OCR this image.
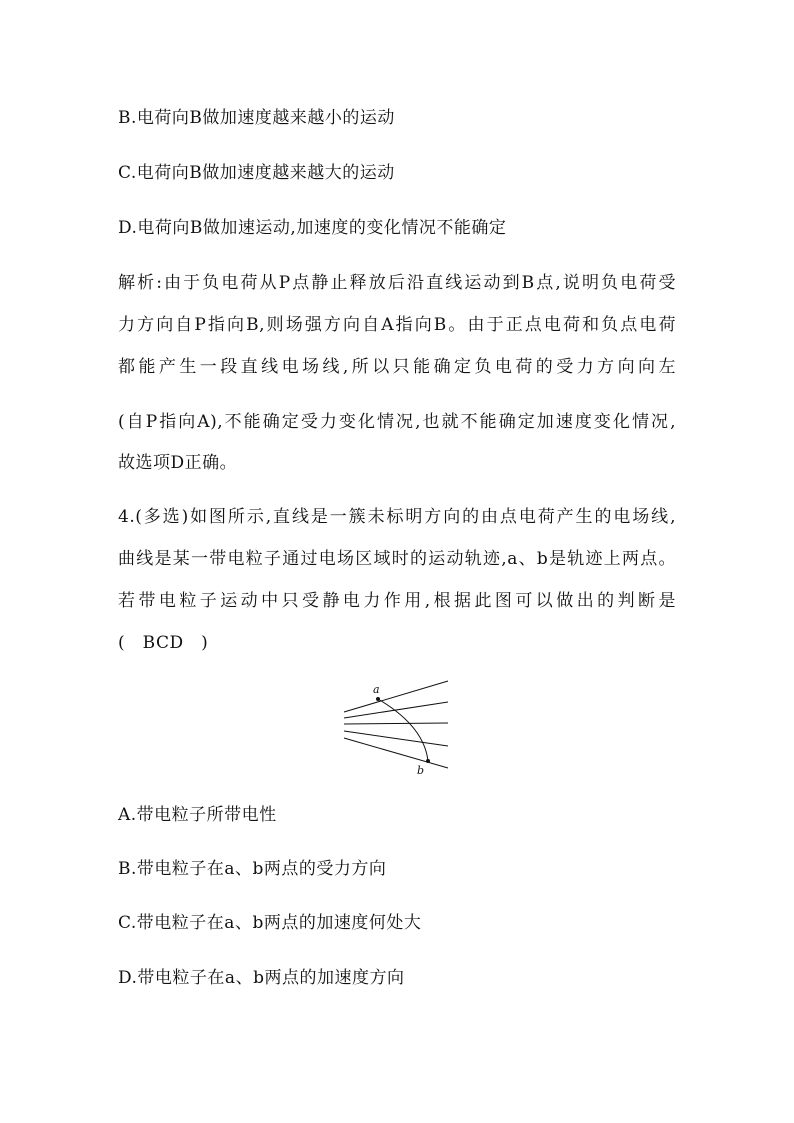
B.电荷向B做加速度越来越小的运动
C.电荷向B做加速度越来越大的运动
D.电荷向B做加速运动,加速度的变化情况不能确定
解析:由于负电荷从P点静止释放后沿直线运动到B点,说明负电荷受
力方向自P指向B,则场强方向自A指向B。由于正点电荷和负点电荷
都能产生一段直线电场线,所以只能确定负电荷的受力方向向左
(自P指向A),不能确定受力变化情况,也就不能确定加速度变化情况,
故选项D正确。
4.(多选)如图所示,直线是一簇未标明方向的由点电荷产生的电场线,
曲线是某一带电粒子通过电场区域时的运动轨迹,a、b是轨迹上两点。
若带电粒子运动中只受静电力作用,根据此图可以做出的判断是
(　BCD　)
a
b
A.带电粒子所带电性
B.带电粒子在a、b两点的受力方向
C.带电粒子在a、b两点的加速度何处大
D.带电粒子在a、b两点的加速度方向
